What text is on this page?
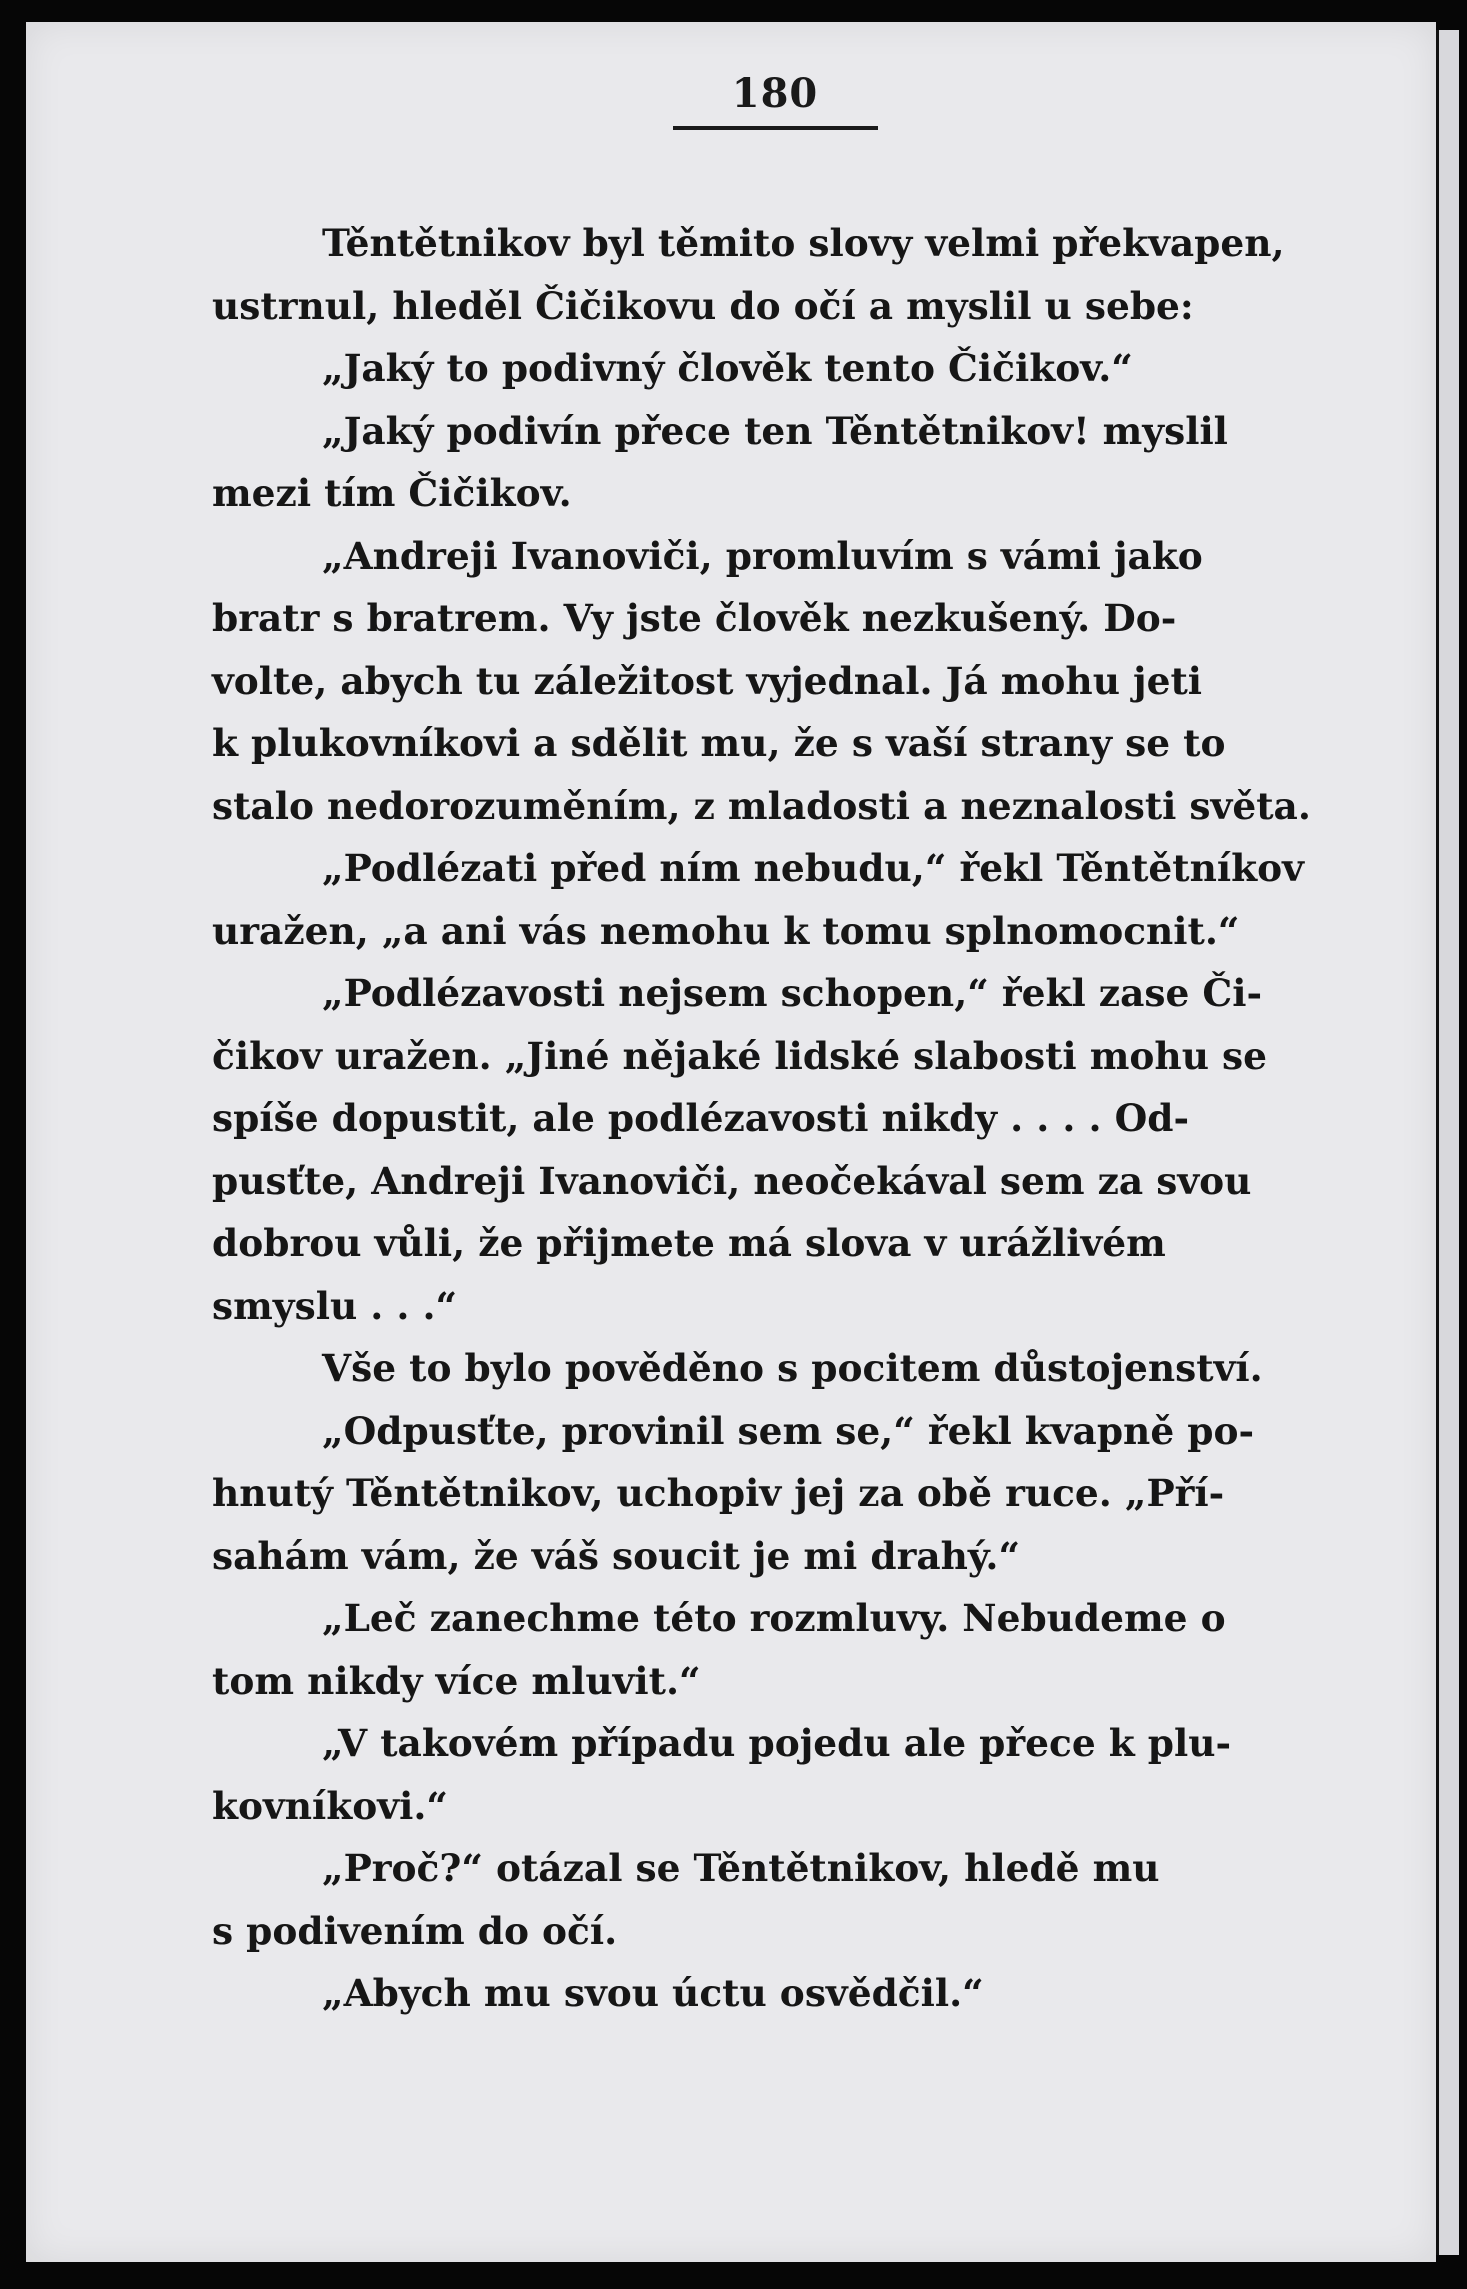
180
Těntětnikov byl těmito slovy velmi překvapen,
ustrnul, hleděl Čičikovu do očí a myslil u sebe:
„Jaký to podivný člověk tento Čičikov.“
„Jaký podivín přece ten Těntětnikov! myslil
mezi tím Čičikov.
„Andreji Ivanoviči, promluvím s vámi jako
bratr s bratrem. Vy jste člověk nezkušený. Do-
volte, abych tu záležitost vyjednal. Já mohu jeti
k plukovníkovi a sdělit mu, že s vaší strany se to
stalo nedorozuměním, z mladosti a neznalosti světa.
„Podlézati před ním nebudu,“ řekl Těntětníkov
uražen, „a ani vás nemohu k tomu splnomocnit.“
„Podlézavosti nejsem schopen,“ řekl zase Či-
čikov uražen. „Jiné nějaké lidské slabosti mohu se
spíše dopustit, ale podlézavosti nikdy . . . . Od-
pusťte, Andreji Ivanoviči, neočekával sem za svou
dobrou vůli, že přijmete má slova v urážlivém
smyslu . . .“
Vše to bylo pověděno s pocitem důstojenství.
„Odpusťte, provinil sem se,“ řekl kvapně po-
hnutý Těntětnikov, uchopiv jej za obě ruce. „Pří-
sahám vám, že váš soucit je mi drahý.“
„Leč zanechme této rozmluvy. Nebudeme o
tom nikdy více mluvit.“
„V takovém případu pojedu ale přece k plu-
kovníkovi.“
„Proč?“ otázal se Těntětnikov, hledě mu
s podivením do očí.
„Abych mu svou úctu osvědčil.“
